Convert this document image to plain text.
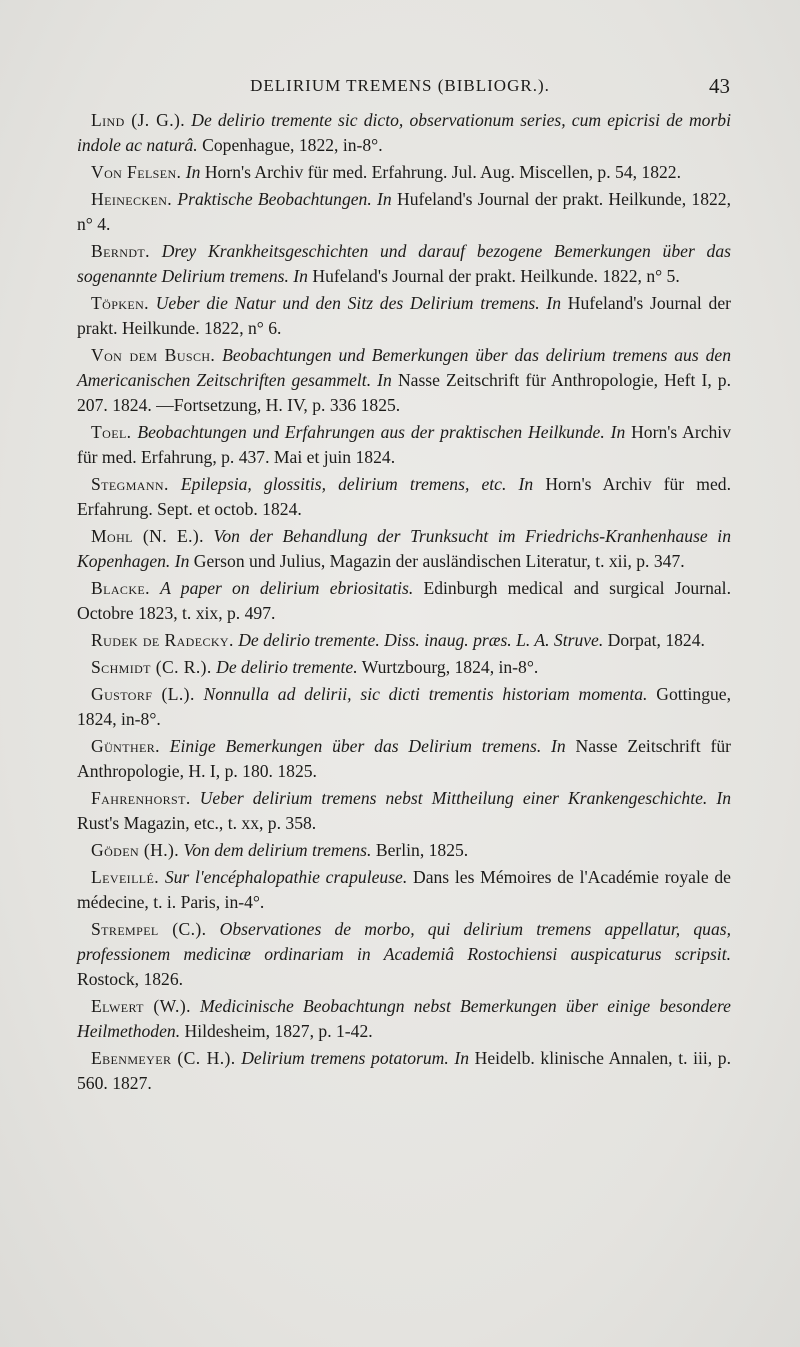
DELIRIUM TREMENS (BIBLIOGR.).	43

Lind (J. G.). De delirio tremente sic dicto, observationum series, cum epicrisi de morbi indole ac naturâ. Copenhague, 1822, in-8°.

Von Felsen. In Horn's Archiv für med. Erfahrung. Jul. Aug. Miscellen, p. 54, 1822.

Heinecken. Praktische Beobachtungen. In Hufeland's Journal der prakt. Heilkunde, 1822, n° 4.

Berndt. Drey Krankheitsgeschichten und darauf bezogene Bemerkungen über das sogenannte Delirium tremens. In Hufeland's Journal der prakt. Heilkunde. 1822, n° 5.

Töpken. Ueber die Natur und den Sitz des Delirium tremens. In Hufeland's Journal der prakt. Heilkunde. 1822, n° 6.

Von dem Busch. Beobachtungen und Bemerkungen über das delirium tremens aus den Americanischen Zeitschriften gesammelt. In Nasse Zeitschrift für Anthropologie, Heft I, p. 207. 1824. —Fortsetzung, H. IV, p. 336 1825.

Toel. Beobachtungen und Erfahrungen aus der praktischen Heilkunde. In Horn's Archiv für med. Erfahrung, p. 437. Mai et juin 1824.

Stegmann. Epilepsia, glossitis, delirium tremens, etc. In Horn's Archiv für med. Erfahrung. Sept. et octob. 1824.

Mohl (N. E.). Von der Behandlung der Trunksucht im Friedrichs-Kranhenhause in Kopenhagen. In Gerson und Julius, Magazin der ausländischen Literatur, t. xii, p. 347.

Blacke. A paper on delirium ebriositatis. Edinburgh medical and surgical Journal. Octobre 1823, t. xix, p. 497.

Rudek de Radecky. De delirio tremente. Diss. inaug. præs. L. A. Struve. Dorpat, 1824.

Schmidt (C. R.). De delirio tremente. Wurtzbourg, 1824, in-8°.

Gustorf (L.). Nonnulla ad delirii, sic dicti trementis historiam momenta. Gottingue, 1824, in-8°.

Günther. Einige Bemerkungen über das Delirium tremens. In Nasse Zeitschrift für Anthropologie, H. I, p. 180. 1825.

Fahrenhorst. Ueber delirium tremens nebst Mittheilung einer Krankengeschichte. In Rust's Magazin, etc., t. xx, p. 358.

Göden (H.). Von dem delirium tremens. Berlin, 1825.

Leveillé. Sur l'encéphalopathie crapuleuse. Dans les Mémoires de l'Académie royale de médecine, t. i. Paris, in-4°.

Strempel (C.). Observationes de morbo, qui delirium tremens appellatur, quas, professionem medicinæ ordinariam in Academiâ Rostochiensi auspicaturus scripsit. Rostock, 1826.

Elwert (W.). Medicinische Beobachtungn nebst Bemerkungen über einige besondere Heilmethoden. Hildesheim, 1827, p. 1-42.

Ebenmeyer (C. H.). Delirium tremens potatorum. In Heidelb. klinische Annalen, t. iii, p. 560. 1827.
